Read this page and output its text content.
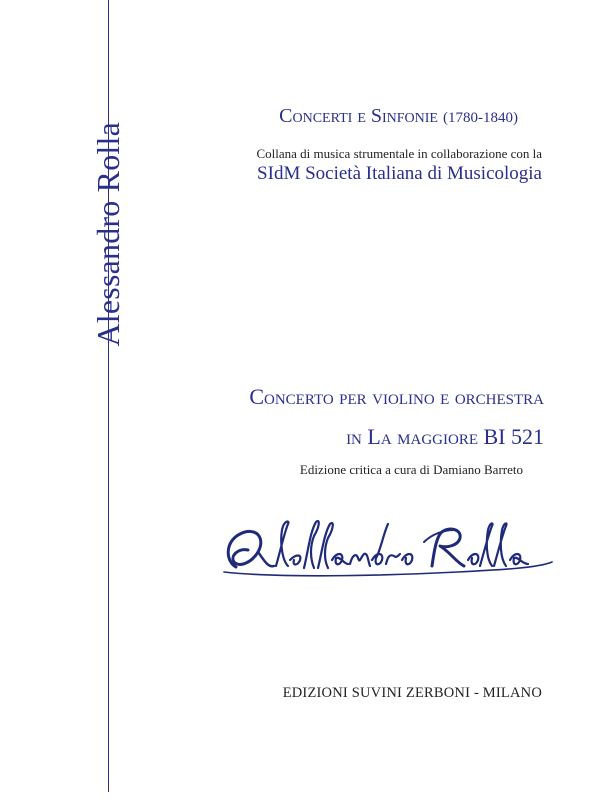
Alessandro Rolla
Concerti e Sinfonie (1780-1840)
Collana di musica strumentale in collaborazione con la
SIdM Società Italiana di Musicologia
Concerto per violino e orchestra
in La maggiore BI 521
Edizione critica a cura di Damiano Barreto
EDIZIONI SUVINI ZERBONI - MILANO
